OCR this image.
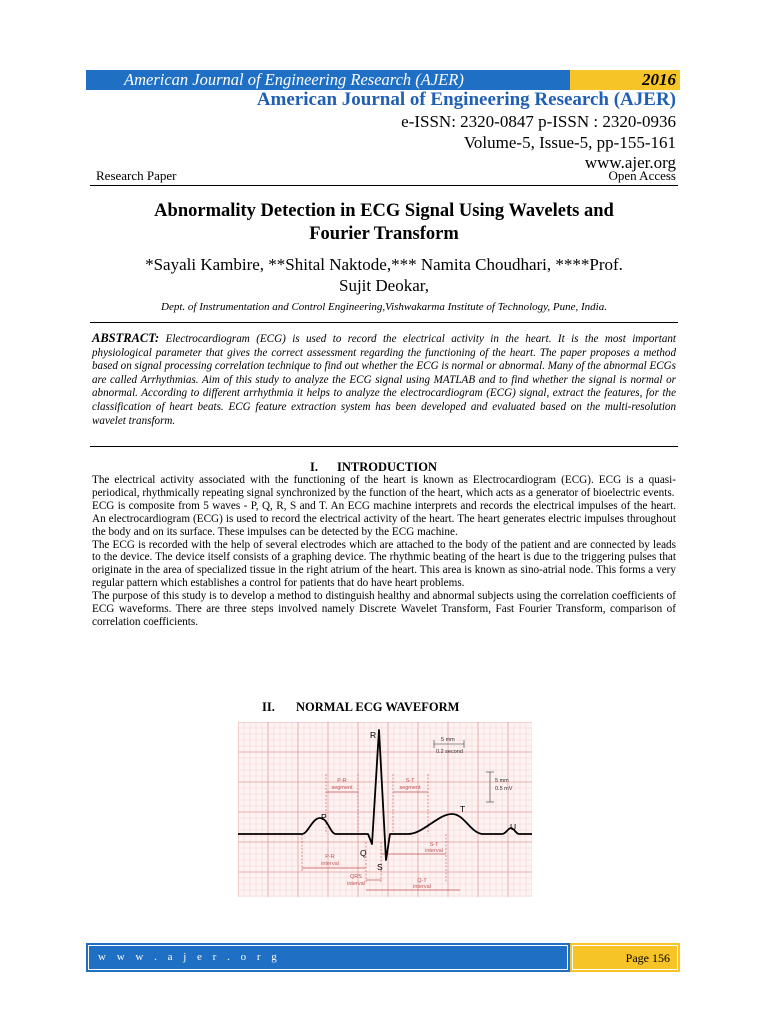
American Journal of Engineering Research (AJER)	2016
American Journal of Engineering Research (AJER)
e-ISSN: 2320-0847 p-ISSN : 2320-0936
Volume-5, Issue-5, pp-155-161
www.ajer.org
Research Paper	Open Access
Abnormality Detection in ECG Signal Using Wavelets and
Fourier Transform
*Sayali Kambire, **Shital Naktode,*** Namita Choudhari, ****Prof.
Sujit Deokar,
Dept. of Instrumentation and Control Engineering,Vishwakarma Institute of Technology, Pune, India.
ABSTRACT: Electrocardiogram (ECG) is used to record the electrical activity in the heart. It is the most important physiological parameter that gives the correct assessment regarding the functioning of the heart. The paper proposes a method based on signal processing correlation technique to find out whether the ECG is normal or abnormal. Many of the abnormal ECGs are called Arrhythmias. Aim of this study to analyze the ECG signal using MATLAB and to find whether the signal is normal or abnormal. According to different arrhythmia it helps to analyze the electrocardiogram (ECG) signal, extract the features, for the classification of heart beats. ECG feature extraction system has been developed and evaluated based on the multi-resolution wavelet transform.
I. INTRODUCTION

The electrical activity associated with the functioning of the heart is known as Electrocardiogram (ECG). ECG is a quasi-periodical, rhythmically repeating signal synchronized by the function of the heart, which acts as a generator of bioelectric events.

ECG is composite from 5 waves - P, Q, R, S and T. An ECG machine interprets and records the electrical impulses of the heart. An electrocardiogram (ECG) is used to record the electrical activity of the heart. The heart generates electric impulses throughout the body and on its surface. These impulses can be detected by the ECG machine.

The ECG is recorded with the help of several electrodes which are attached to the body of the patient and are connected by leads to the device. The device itself consists of a graphing device. The rhythmic beating of the heart is due to the triggering pulses that originate in the area of specialized tissue in the right atrium of the heart. This area is known as sino-atrial node. This forms a very regular pattern which establishes a control for patients that do have heart problems.

The purpose of this study is to develop a method to distinguish healthy and abnormal subjects using the correlation coefficients of ECG waveforms. There are three steps involved namely Discrete Wavelet Transform, Fast Fourier Transform, comparison of correlation coefficients.

II. NORMAL ECG WAVEFORM
R
P
Q
S
T
U
5 mm
0.2 second
5 mm
0.5 mV
P-R
segment
S-T
segment
P-R
interval
QRS
interval
S-T
interval
Q-T
interval
w w w . a j e r . o r g	Page 156
